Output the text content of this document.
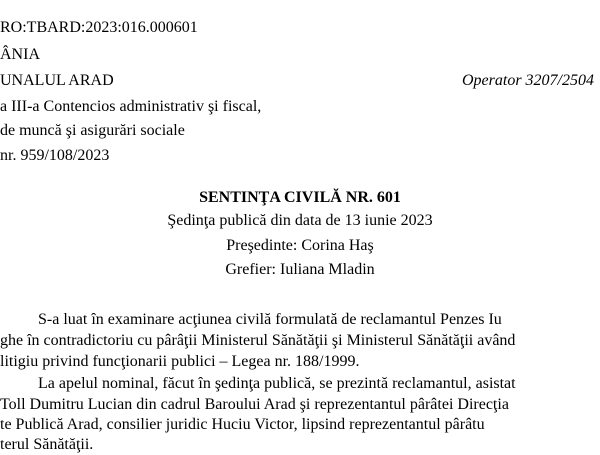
RO:TBARD:2023:016.000601
ÂNIA
UNALUL ARAD	Operator 3207/2504
a III-a Contencios administrativ şi fiscal,
de muncă şi asigurări sociale
nr. 959/108/2023
SENTINŢA CIVILĂ NR. 601
Şedinţa publică din data de 13 iunie 2023
Preşedinte: Corina Haş
Grefier: Iuliana Mladin
S-a luat în examinare acţiunea civilă formulată de reclamantul Penzes Iu
ghe în contradictoriu cu pârâţii Ministerul Sănătăţii şi Ministerul Sănătăţii având
litigiu privind funcţionarii publici – Legea nr. 188/1999.
La apelul nominal, făcut în şedinţa publică, se prezintă reclamantul, asistat
Toll Dumitru Lucian din cadrul Baroului Arad şi reprezentantul pârâtei Direcţia
te Publică Arad, consilier juridic Huciu Victor, lipsind reprezentantul pârâtu
terul Sănătăţii.
